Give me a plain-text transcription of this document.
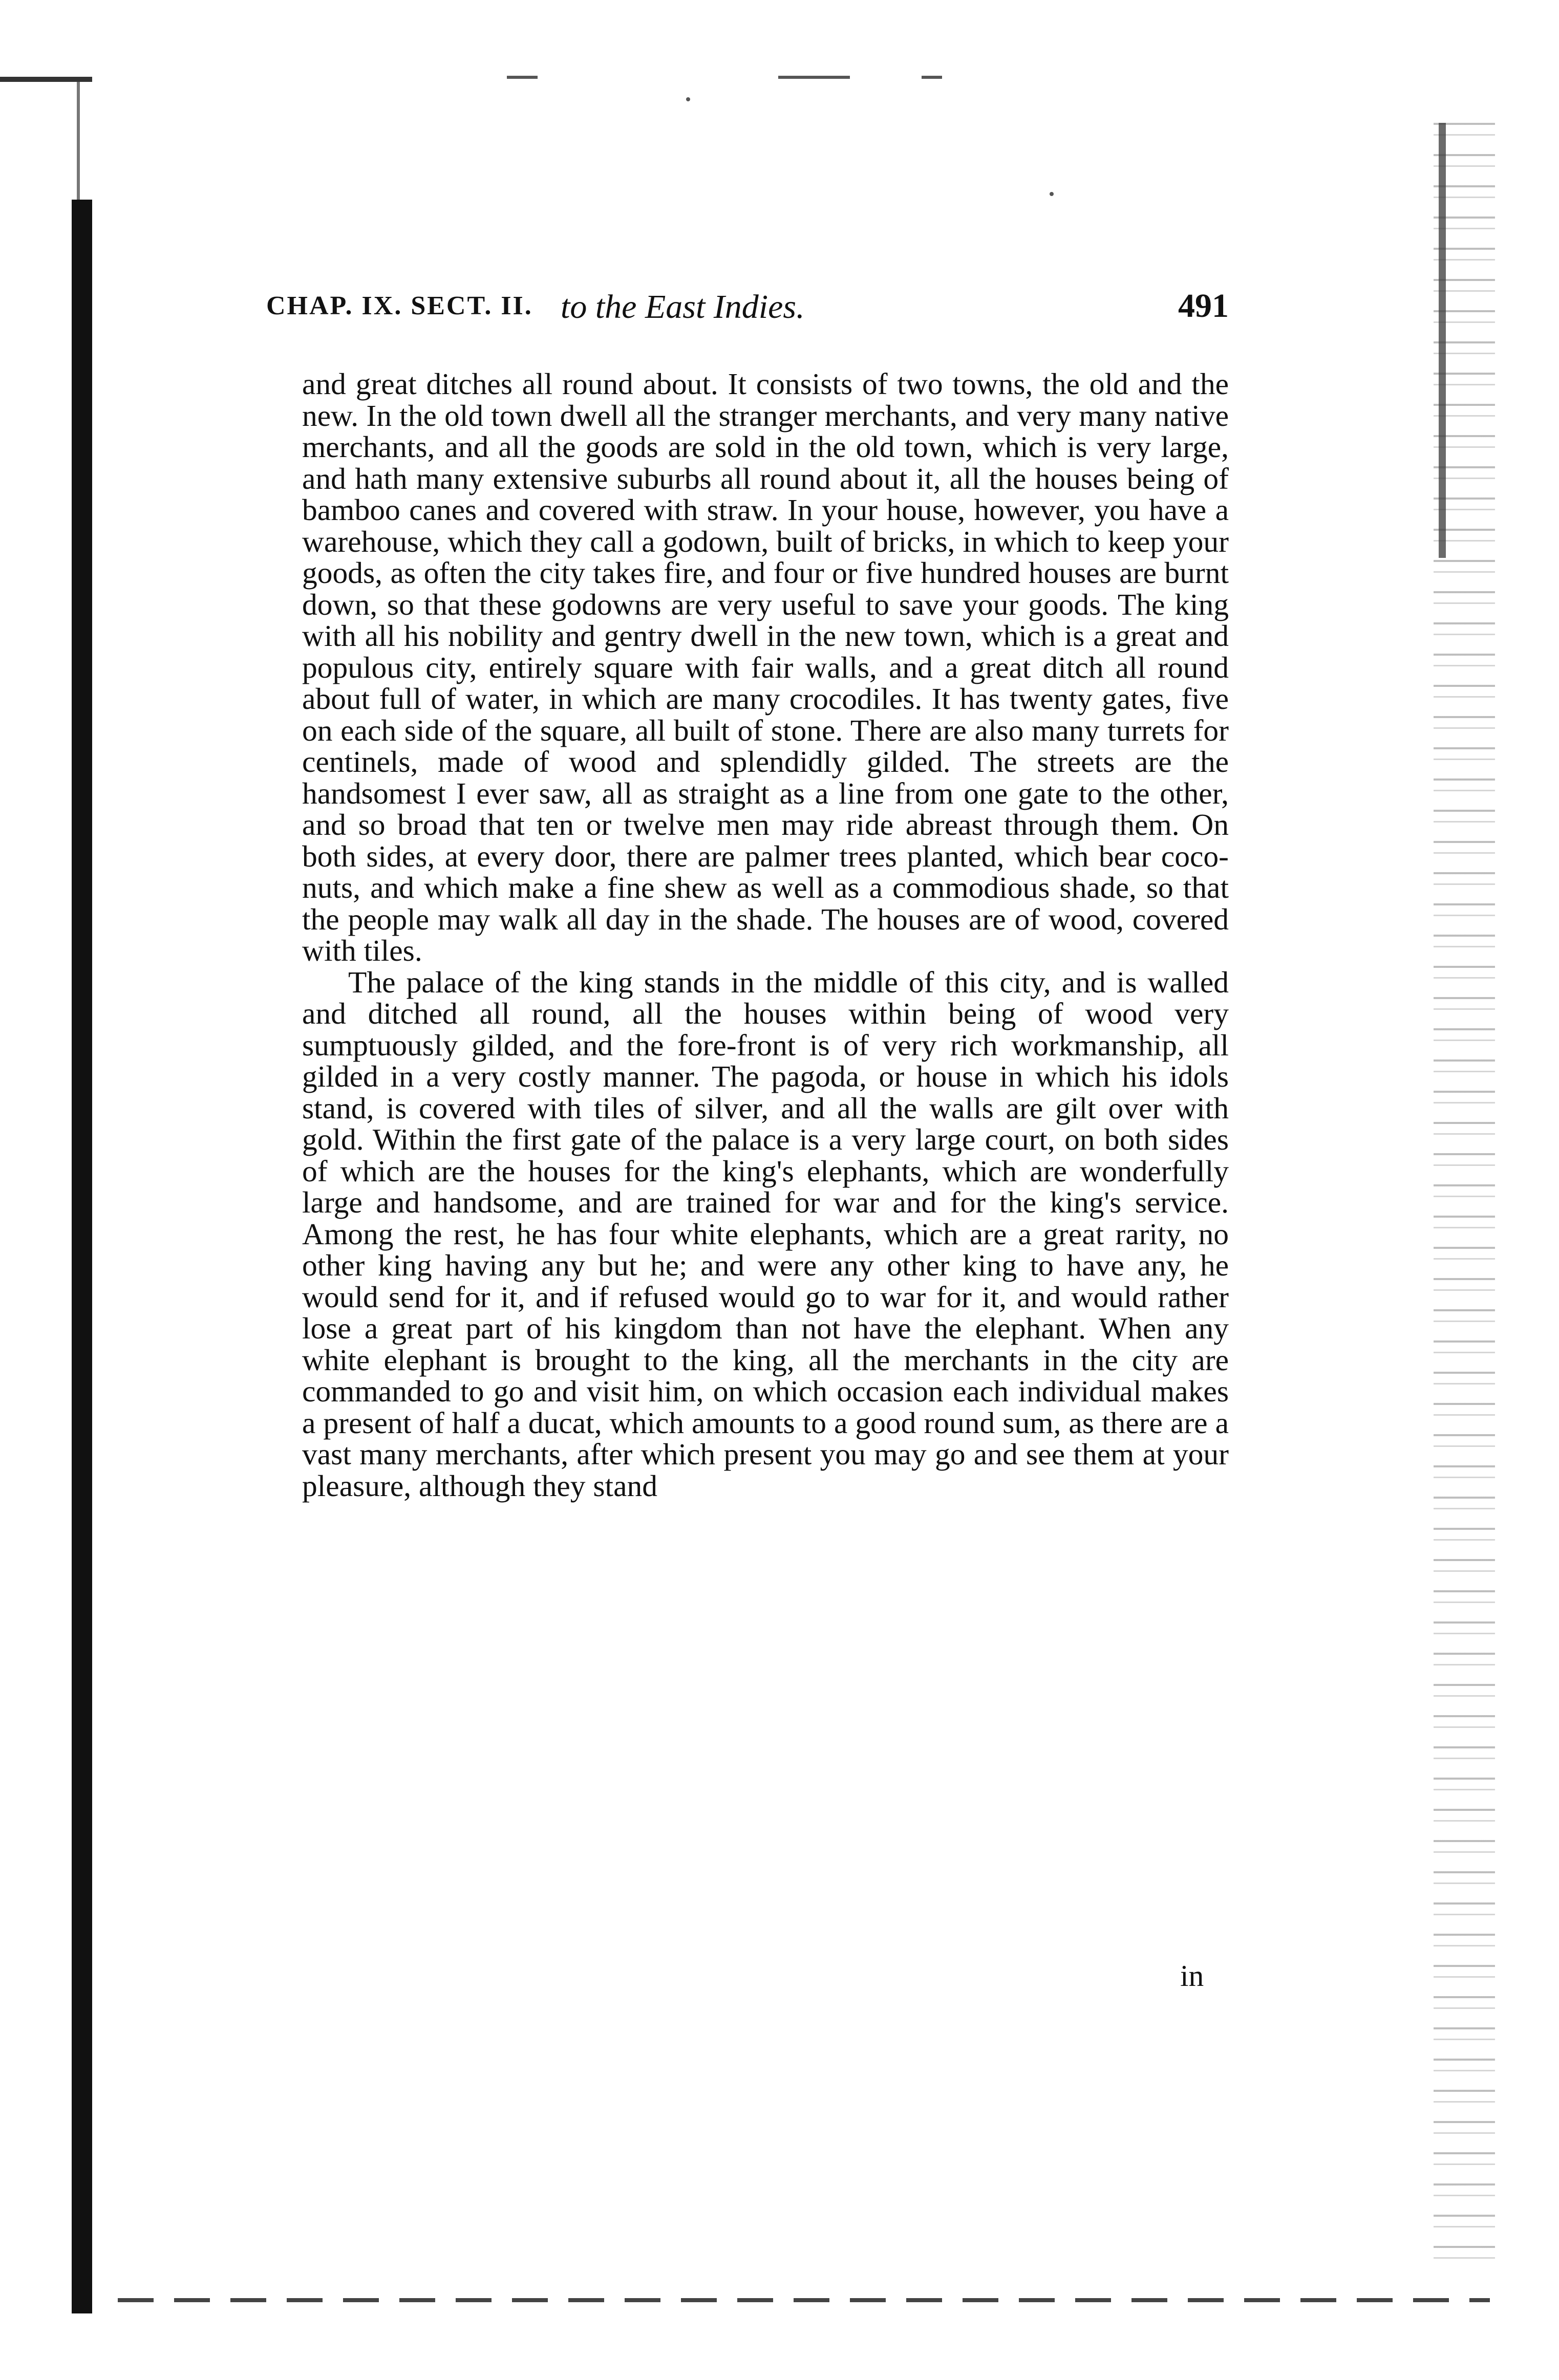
CHAP. IX. SECT. II. to the East Indies.	491

and great ditches all round about. It consists of two towns, the old and the new. In the old town dwell all the stranger merchants, and very many native merchants, and all the goods are sold in the old town, which is very large, and hath many extensive suburbs all round about it, all the houses being of bamboo canes and covered with straw. In your house, however, you have a warehouse, which they call a godown, built of bricks, in which to keep your goods, as often the city takes fire, and four or five hundred houses are burnt down, so that these godowns are very useful to save your goods. The king with all his nobility and gentry dwell in the new town, which is a great and populous city, entirely square with fair walls, and a great ditch all round about full of water, in which are many crocodiles. It has twenty gates, five on each side of the square, all built of stone. There are also many turrets for centinels, made of wood and splendidly gilded. The streets are the handsomest I ever saw, all as straight as a line from one gate to the other, and so broad that ten or twelve men may ride abreast through them. On both sides, at every door, there are palmer trees planted, which bear coco-nuts, and which make a fine shew as well as a commodious shade, so that the people may walk all day in the shade. The houses are of wood, covered with tiles.

The palace of the king stands in the middle of this city, and is walled and ditched all round, all the houses within being of wood very sumptuously gilded, and the fore-front is of very rich workmanship, all gilded in a very costly manner. The pagoda, or house in which his idols stand, is covered with tiles of silver, and all the walls are gilt over with gold. Within the first gate of the palace is a very large court, on both sides of which are the houses for the king's elephants, which are wonderfully large and handsome, and are trained for war and for the king's service. Among the rest, he has four white elephants, which are a great rarity, no other king having any but he; and were any other king to have any, he would send for it, and if refused would go to war for it, and would rather lose a great part of his kingdom than not have the elephant. When any white elephant is brought to the king, all the merchants in the city are commanded to go and visit him, on which occasion each individual makes a present of half a ducat, which amounts to a good round sum, as there are a vast many merchants, after which present you may go and see them at your pleasure, although they stand

in
